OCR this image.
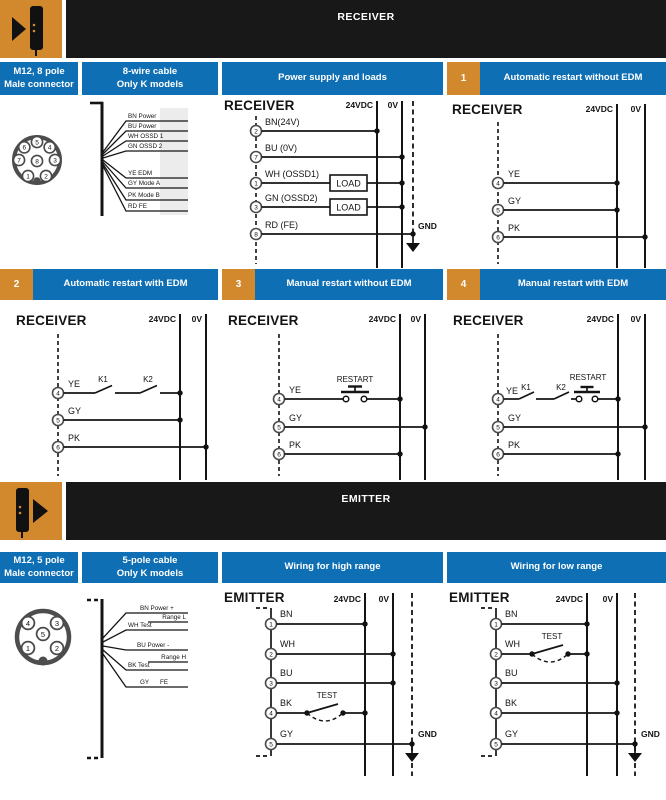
RECEIVER
M12, 8 pole
Male connector
8-wire cable
Only K models
Power supply and loads	1	Automatic restart without EDM
5
6	4
7	3
8
1 2
BN Power
BU Power
WH OSSD 1
GN OSSD 2
YE EDM
GY Mode A
PK Mode B
RD FE
RECEIVER	24VDC 0V
2
BN(24V)
7
BU (0V)
1
WH (OSSD1)
LOAD
3
GN (OSSD2)
LOAD
8
RD (FE)	GND
RECEIVER	24VDC 0V
4
YE
5
GY
6
PK
2	Automatic restart with EDM	3	Manual restart without EDM	4	Manual restart with EDM
RECEIVER	24VDC 0V
4
YE K1	K2
5
GY
6
PK
RECEIVER	24VDC 0V
4
YE
RESTART
5
GY
6
PK
RECEIVER	24VDC 0V
4
YE K1	K2
RESTART
5
GY
6
PK
EMITTER
M12, 5 pole
Male connector
5-pole cable
Only K models
Wiring for high range	Wiring for low range
4	3
5
1	2
BN Power +
Range L
WH Test
BU Power -
Range H
BK Test
GY FE
EMITTER	24VDC 0V
1
BN
2
WH
3
BU
4
BK
TEST
5
GY	GND
EMITTER	24VDC 0V
1
BN
2
WH
TEST
3
BU
4
BK
5
GY	GND
